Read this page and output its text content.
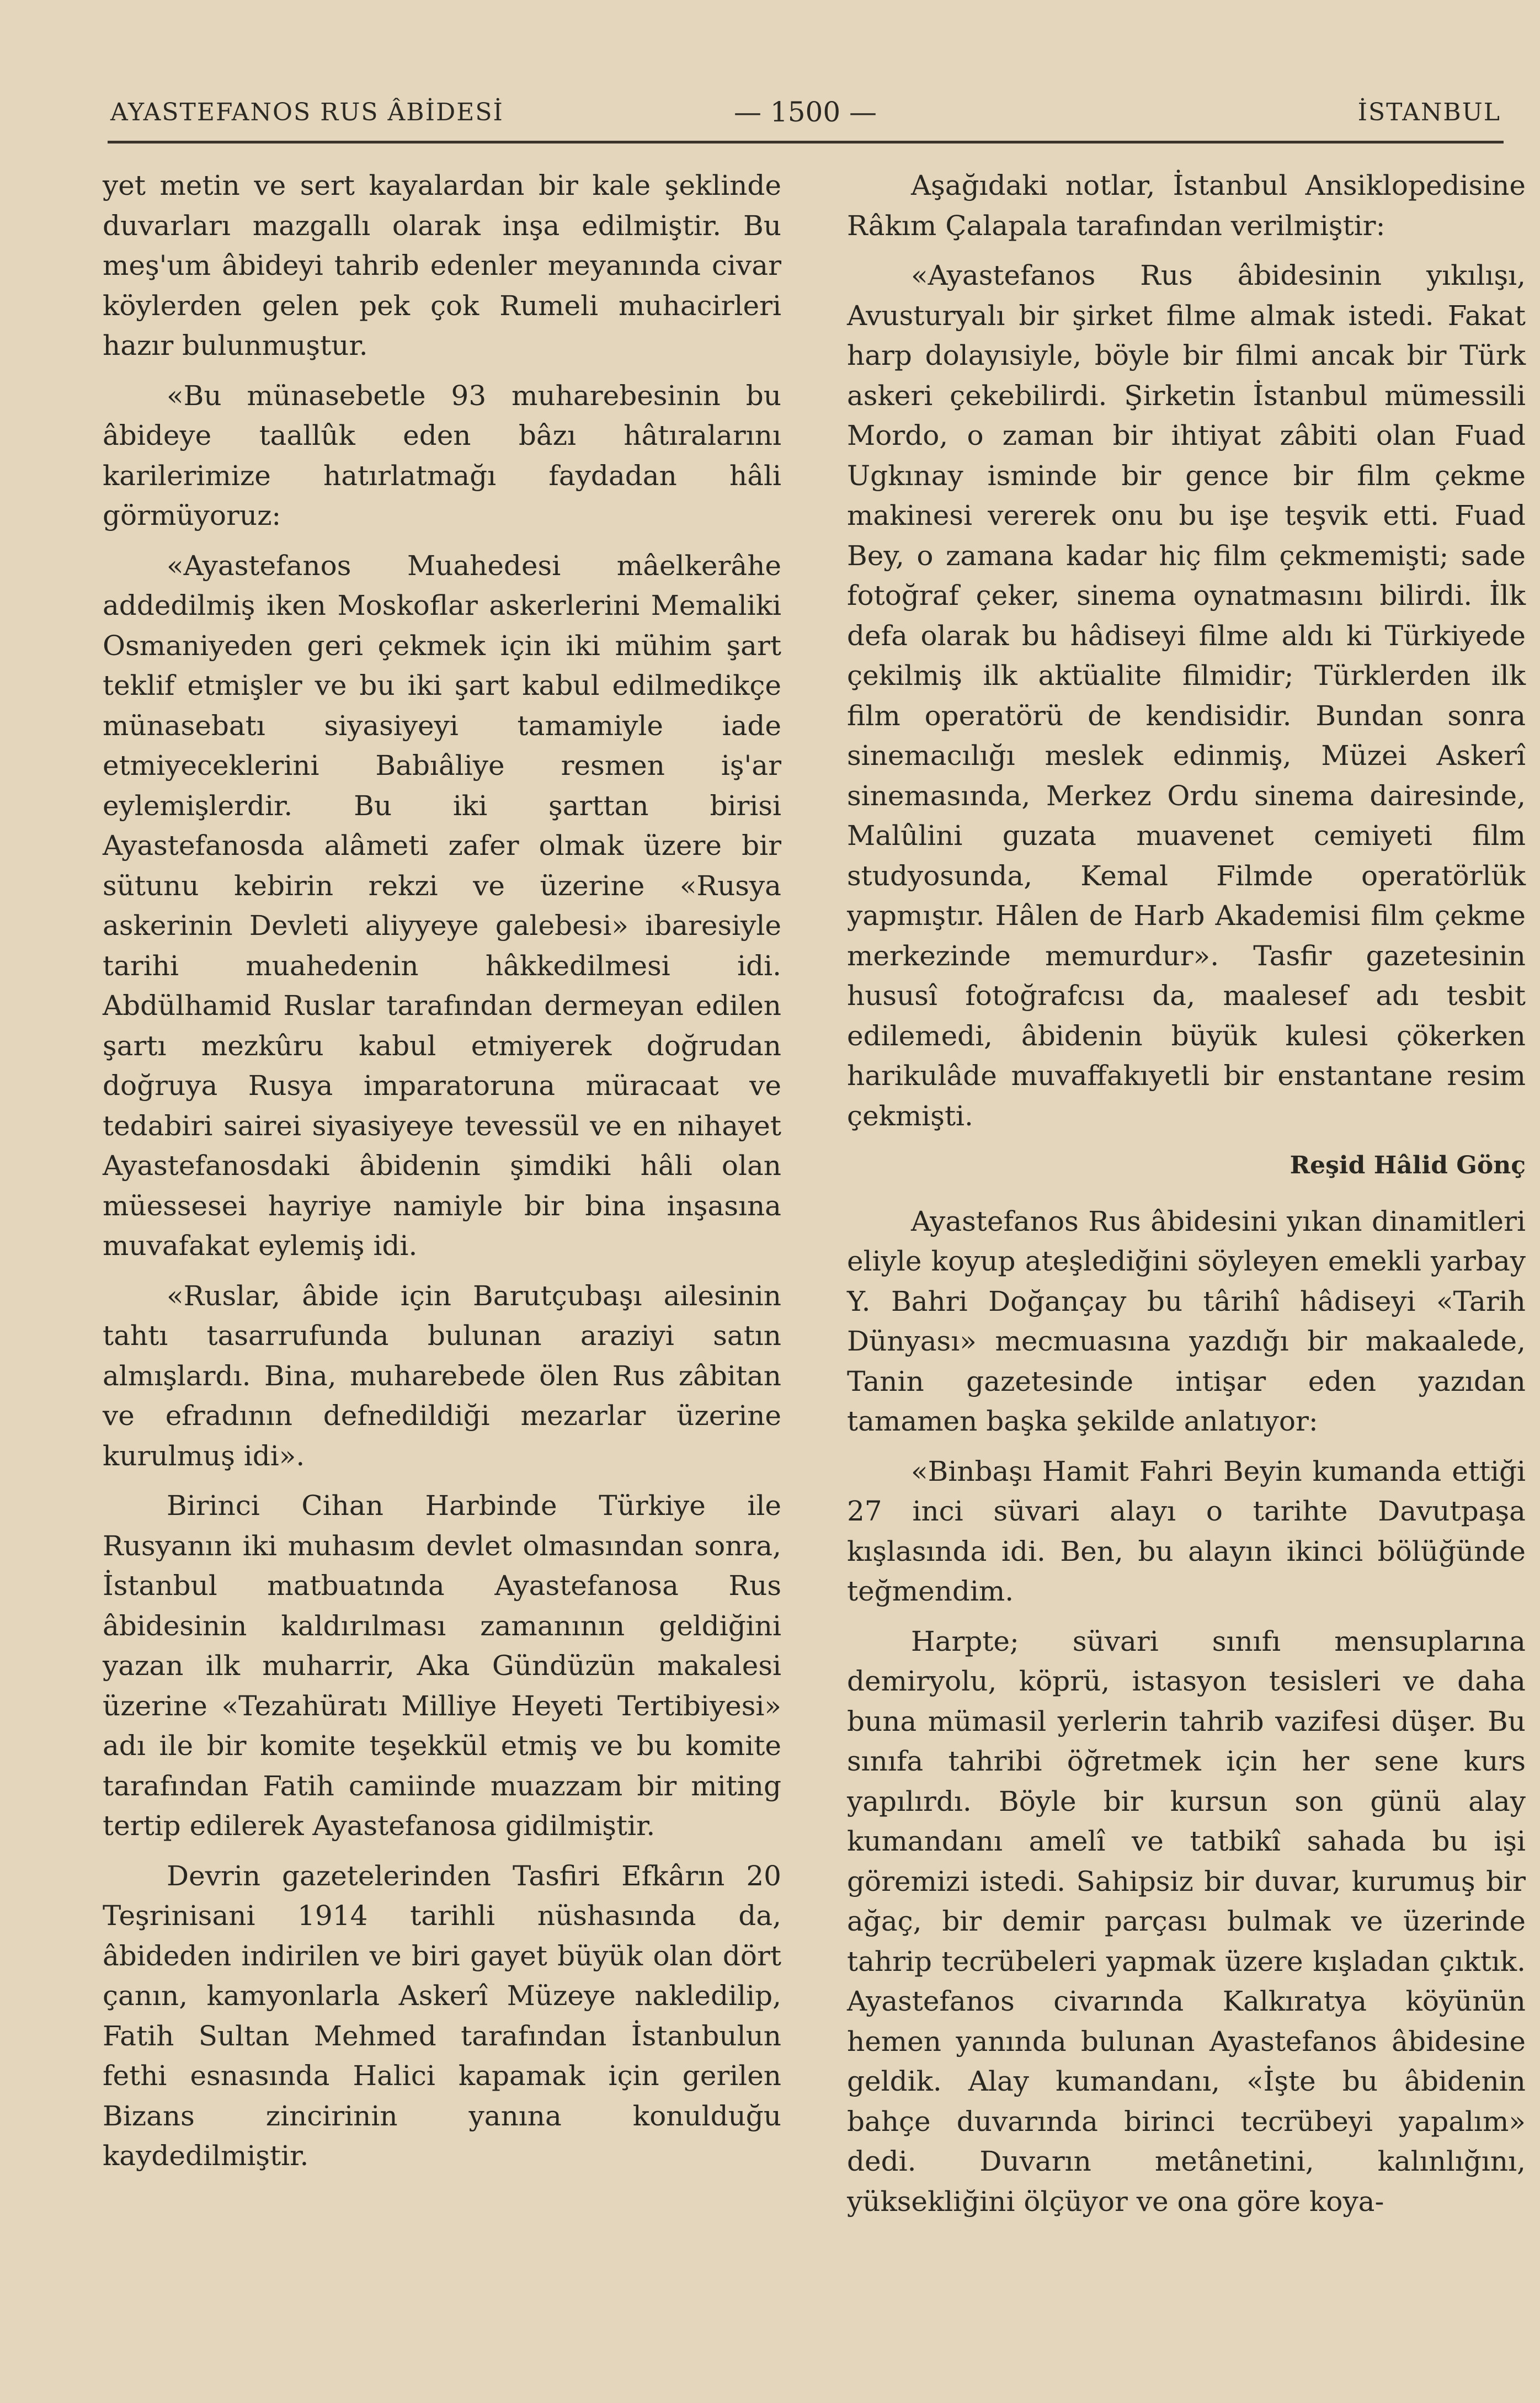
AYASTEFANOS RUS ÂBİDESİ	— 1500 —	İSTANBUL

yet metin ve sert kayalardan bir kale şeklinde duvarları mazgallı olarak inşa edilmiştir. Bu meş'um âbideyi tahrib edenler meyanında civar köylerden gelen pek çok Rumeli muhacirleri hazır bulunmuştur.

«Bu münasebetle 93 muharebesinin bu âbideye taallûk eden bâzı hâtıralarını karilerimize hatırlatmağı faydadan hâli görmüyoruz:

«Ayastefanos Muahedesi mâelkerâhe addedilmiş iken Moskoflar askerlerini Memaliki Osmaniyeden geri çekmek için iki mühim şart teklif etmişler ve bu iki şart kabul edilmedikçe münasebatı siyasiyeyi tamamiyle iade etmiyeceklerini Babıâliye resmen iş'ar eylemişlerdir. Bu iki şarttan birisi Ayastefanosda alâmeti zafer olmak üzere bir sütunu kebirin rekzi ve üzerine «Rusya askerinin Devleti aliyyeye galebesi» ibaresiyle tarihi muahedenin hâkkedilmesi idi. Abdülhamid Ruslar tarafından dermeyan edilen şartı mezkûru kabul etmiyerek doğrudan doğruya Rusya imparatoruna müracaat ve tedabiri sairei siyasiyeye tevessül ve en nihayet Ayastefanosdaki âbidenin şimdiki hâli olan müessesei hayriye namiyle bir bina inşasına muvafakat eylemiş idi.

«Ruslar, âbide için Barutçubaşı ailesinin tahtı tasarrufunda bulunan araziyi satın almışlardı. Bina, muharebede ölen Rus zâbitan ve efradının defnedildiği mezarlar üzerine kurulmuş idi».

Birinci Cihan Harbinde Türkiye ile Rusyanın iki muhasım devlet olmasından sonra, İstanbul matbuatında Ayastefanosa Rus âbidesinin kaldırılması zamanının geldiğini yazan ilk muharrir, Aka Gündüzün makalesi üzerine «Tezahüratı Milliye Heyeti Tertibiyesi» adı ile bir komite teşekkül etmiş ve bu komite tarafından Fatih camiinde muazzam bir miting tertip edilerek Ayastefanosa gidilmiştir.

Devrin gazetelerinden Tasfiri Efkârın 20 Teşrinisani 1914 tarihli nüshasında da, âbideden indirilen ve biri gayet büyük olan dört çanın, kamyonlarla Askerî Müzeye nakledilip, Fatih Sultan Mehmed tarafından İstanbulun fethi esnasında Halici kapamak için gerilen Bizans zincirinin yanına konulduğu kaydedilmiştir.

Aşağıdaki notlar, İstanbul Ansiklopedisine Râkım Çalapala tarafından verilmiştir:

«Ayastefanos Rus âbidesinin yıkılışı, Avusturyalı bir şirket filme almak istedi. Fakat harp dolayısiyle, böyle bir filmi ancak bir Türk askeri çekebilirdi. Şirketin İstanbul mümessili Mordo, o zaman bir ihtiyat zâbiti olan Fuad Ugkınay isminde bir gence bir film çekme makinesi vererek onu bu işe teşvik etti. Fuad Bey, o zamana kadar hiç film çekmemişti; sade fotoğraf çeker, sinema oynatmasını bilirdi. İlk defa olarak bu hâdiseyi filme aldı ki Türkiyede çekilmiş ilk aktüalite filmidir; Türklerden ilk film operatörü de kendisidir. Bundan sonra sinemacılığı meslek edinmiş, Müzei Askerî sinemasında, Merkez Ordu sinema dairesinde, Malûlini guzata muavenet cemiyeti film studyosunda, Kemal Filmde operatörlük yapmıştır. Hâlen de Harb Akademisi film çekme merkezinde memurdur». Tasfir gazetesinin hususî fotoğrafcısı da, maalesef adı tesbit edilemedi, âbidenin büyük kulesi çökerken harikulâde muvaffakıyetli bir enstantane resim çekmişti.

Reşid Hâlid Gönç

Ayastefanos Rus âbidesini yıkan dinamitleri eliyle koyup ateşlediğini söyleyen emekli yarbay Y. Bahri Doğançay bu târihî hâdiseyi «Tarih Dünyası» mecmuasına yazdığı bir makaalede, Tanin gazetesinde intişar eden yazıdan tamamen başka şekilde anlatıyor:

«Binbaşı Hamit Fahri Beyin kumanda ettiği 27 inci süvari alayı o tarihte Davutpaşa kışlasında idi. Ben, bu alayın ikinci bölüğünde teğmendim.

Harpte; süvari sınıfı mensuplarına demiryolu, köprü, istasyon tesisleri ve daha buna mümasil yerlerin tahrib vazifesi düşer. Bu sınıfa tahribi öğretmek için her sene kurs yapılırdı. Böyle bir kursun son günü alay kumandanı amelî ve tatbikî sahada bu işi göremizi istedi. Sahipsiz bir duvar, kurumuş bir ağaç, bir demir parçası bulmak ve üzerinde tahrip tecrübeleri yapmak üzere kışladan çıktık. Ayastefanos civarında Kalkıratya köyünün hemen yanında bulunan Ayastefanos âbidesine geldik. Alay kumandanı, «İşte bu âbidenin bahçe duvarında birinci tecrübeyi yapalım» dedi. Duvarın metânetini, kalınlığını, yüksekliğini ölçüyor ve ona göre koya-
